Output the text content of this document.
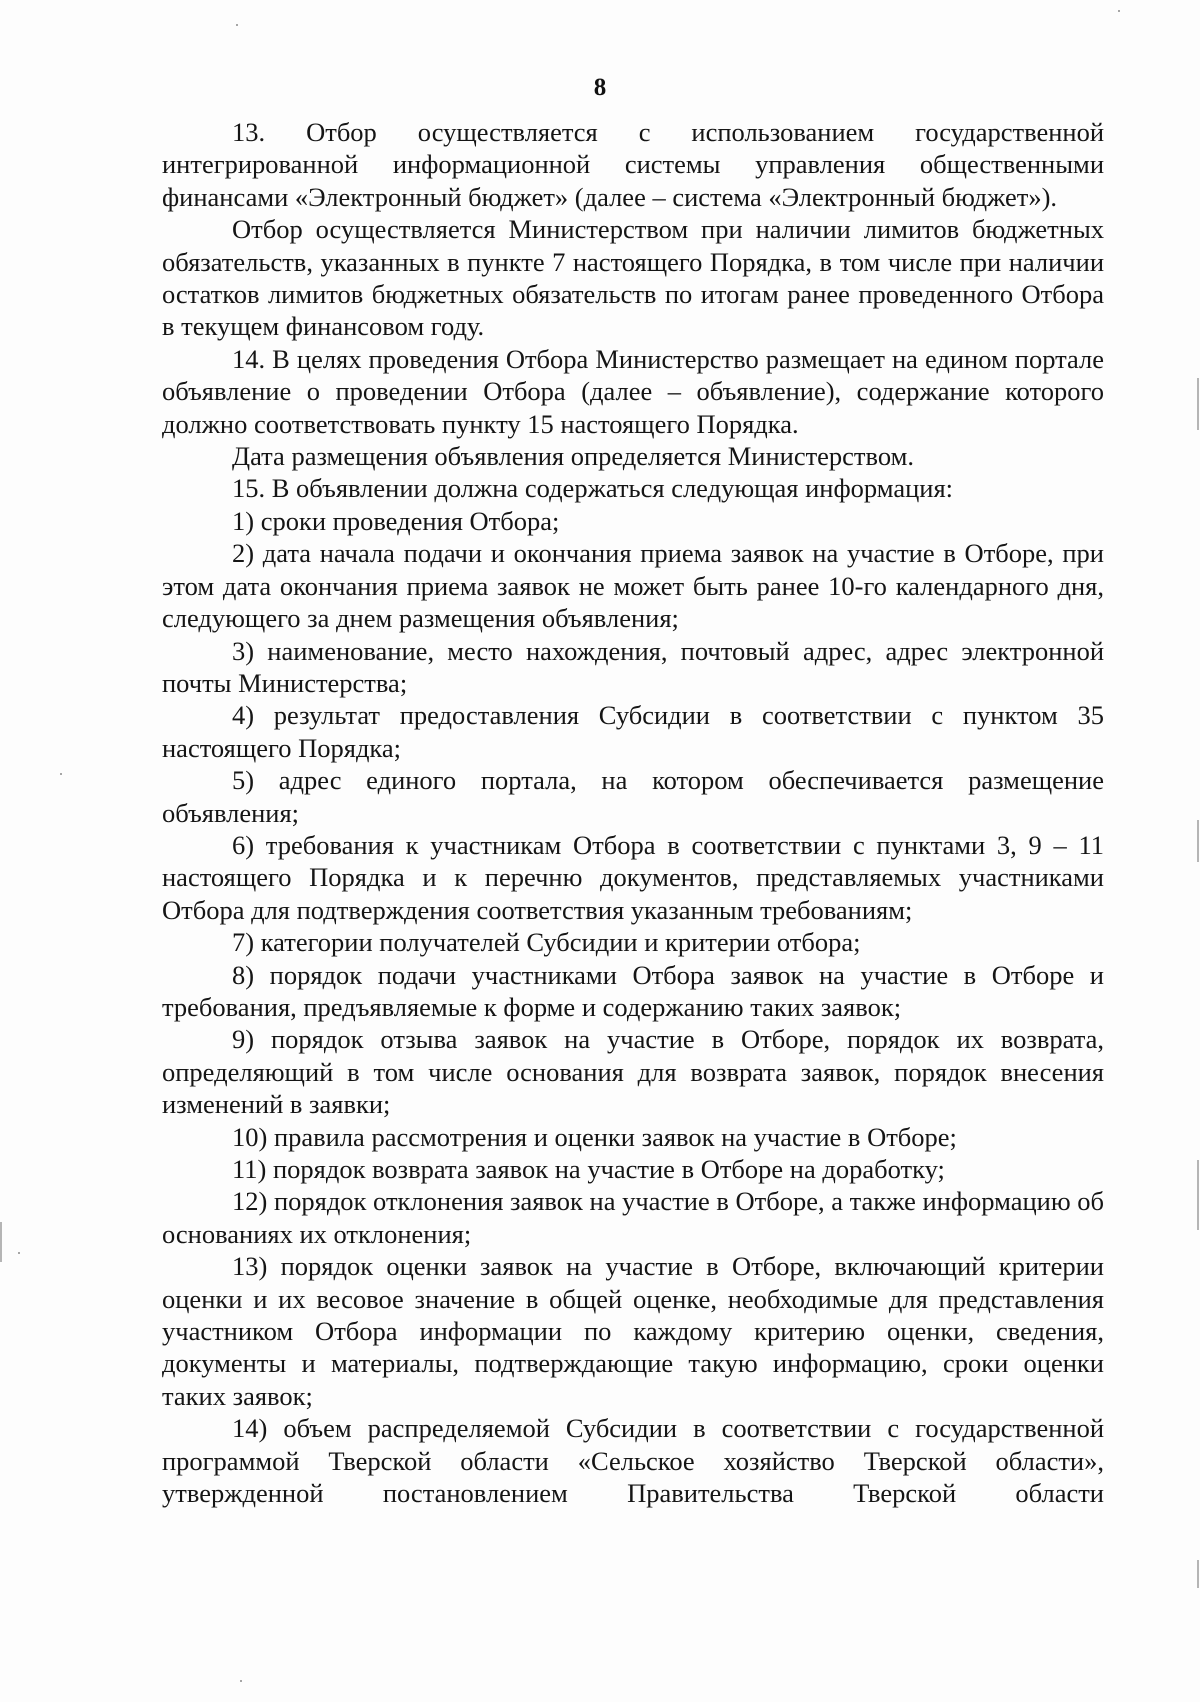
8

13. Отбор осуществляется с использованием государственной интегрированной информационной системы управления общественными финансами «Электронный бюджет» (далее – система «Электронный бюджет»).

Отбор осуществляется Министерством при наличии лимитов бюджетных обязательств, указанных в пункте 7 настоящего Порядка, в том числе при наличии остатков лимитов бюджетных обязательств по итогам ранее проведенного Отбора в текущем финансовом году.

14. В целях проведения Отбора Министерство размещает на едином портале объявление о проведении Отбора (далее – объявление), содержание которого должно соответствовать пункту 15 настоящего Порядка.

Дата размещения объявления определяется Министерством.

15. В объявлении должна содержаться следующая информация:

1) сроки проведения Отбора;

2) дата начала подачи и окончания приема заявок на участие в Отборе, при этом дата окончания приема заявок не может быть ранее 10-го календарного дня, следующего за днем размещения объявления;

3) наименование, место нахождения, почтовый адрес, адрес электронной почты Министерства;

4) результат предоставления Субсидии в соответствии с пунктом 35 настоящего Порядка;

5) адрес единого портала, на котором обеспечивается размещение объявления;

6) требования к участникам Отбора в соответствии с пунктами 3, 9 – 11 настоящего Порядка и к перечню документов, представляемых участниками Отбора для подтверждения соответствия указанным требованиям;

7) категории получателей Субсидии и критерии отбора;

8) порядок подачи участниками Отбора заявок на участие в Отборе и требования, предъявляемые к форме и содержанию таких заявок;

9) порядок отзыва заявок на участие в Отборе, порядок их возврата, определяющий в том числе основания для возврата заявок, порядок внесения изменений в заявки;

10) правила рассмотрения и оценки заявок на участие в Отборе;

11) порядок возврата заявок на участие в Отборе на доработку;

12) порядок отклонения заявок на участие в Отборе, а также информацию об основаниях их отклонения;

13) порядок оценки заявок на участие в Отборе, включающий критерии оценки и их весовое значение в общей оценке, необходимые для представления участником Отбора информации по каждому критерию оценки, сведения, документы и материалы, подтверждающие такую информацию, сроки оценки таких заявок;

14) объем распределяемой Субсидии в соответствии с государственной программой Тверской области «Сельское хозяйство Тверской области», утвержденной постановлением Правительства Тверской области
